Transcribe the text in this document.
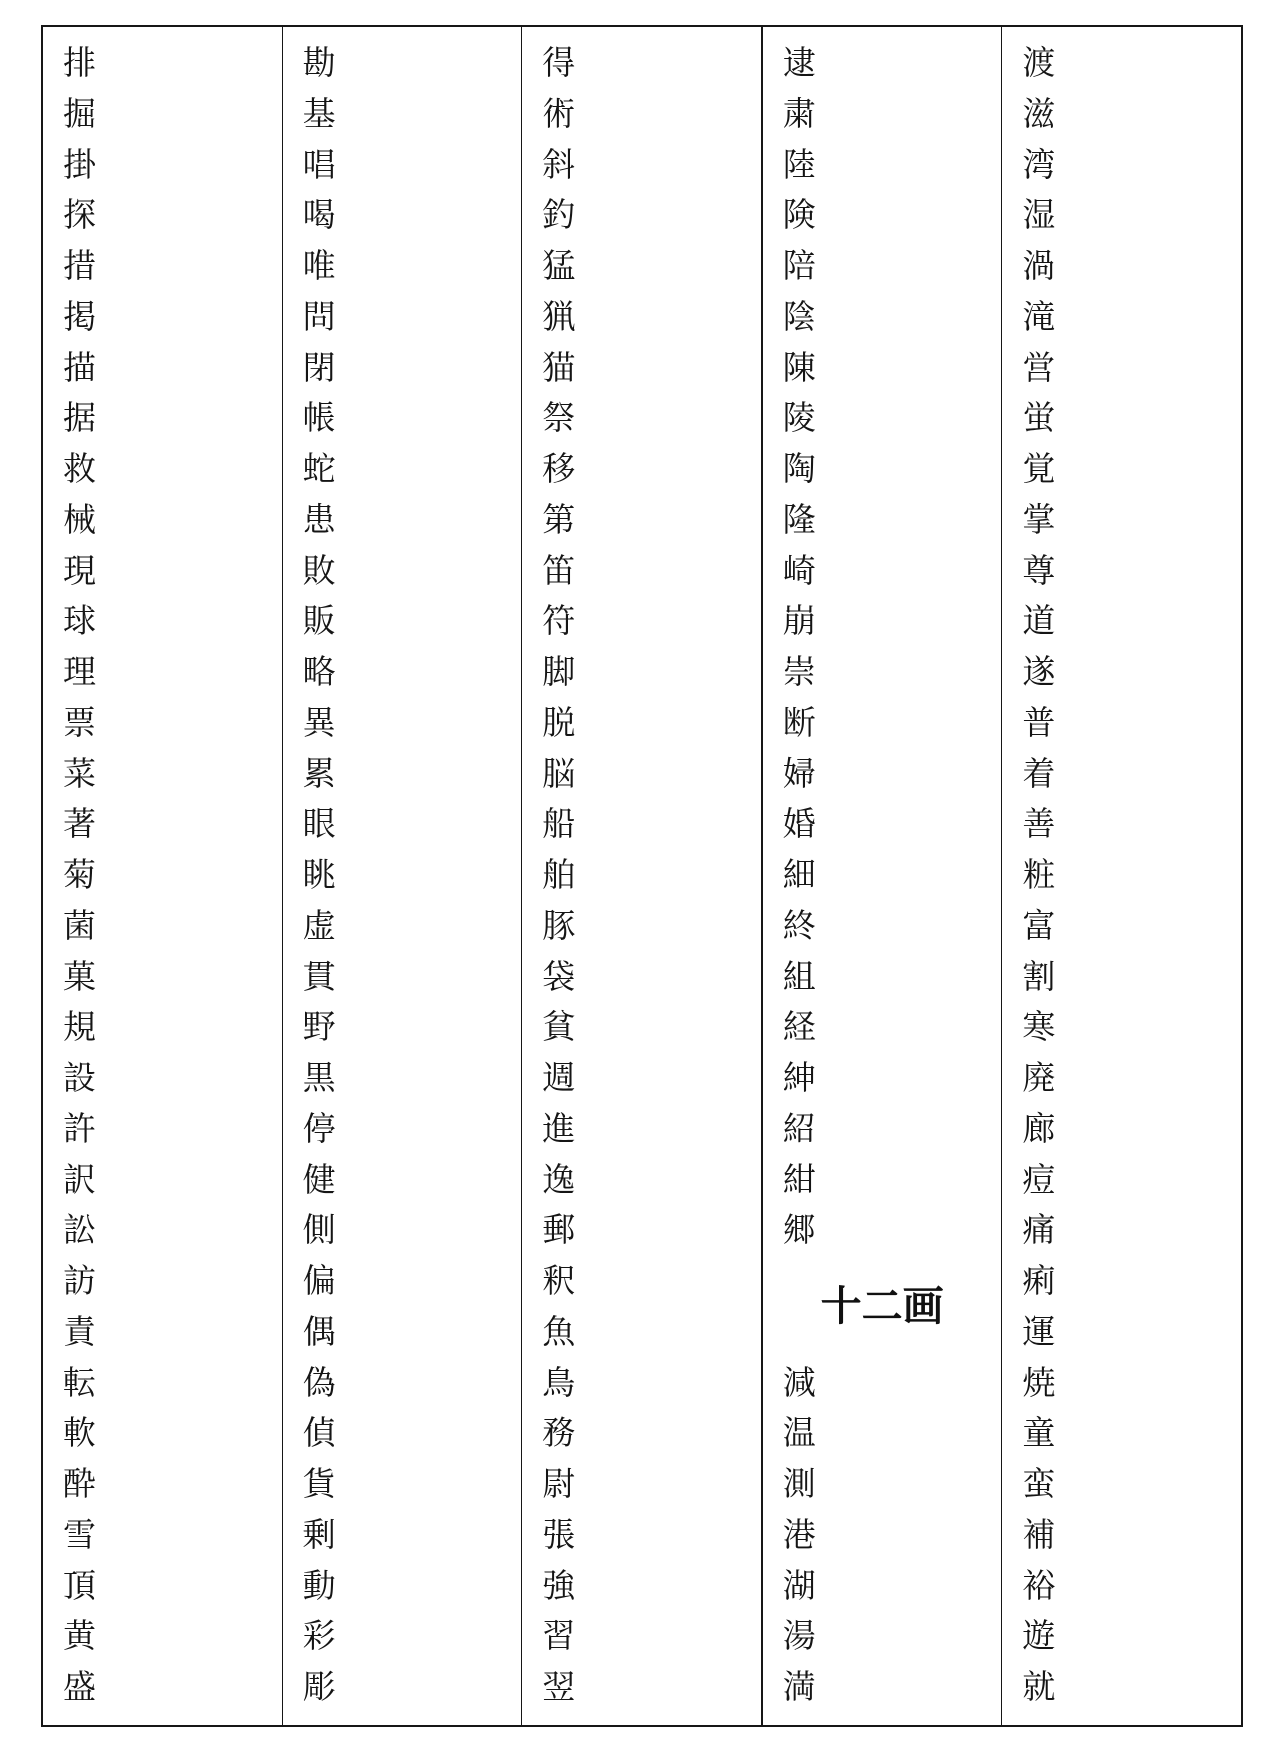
排
掘
掛
探
措
掲
描
据
救
械
現
球
理
票
菜
著
菊
菌
菓
規
設
許
訳
訟
訪
責
転
軟
酔
雪
頂
黄
盛
勘
基
唱
喝
唯
問
閉
帳
蛇
患
敗
販
略
異
累
眼
眺
虚
貫
野
黒
停
健
側
偏
偶
偽
偵
貨
剰
動
彩
彫
得
術
斜
釣
猛
猟
猫
祭
移
第
笛
符
脚
脱
脳
船
舶
豚
袋
貧
週
進
逸
郵
釈
魚
鳥
務
尉
張
強
習
翌
逮
粛
陸
険
陪
陰
陳
陵
陶
隆
崎
崩
崇
断
婦
婚
細
終
組
経
紳
紹
紺
郷
十二画
減
温
測
港
湖
湯
満
渡
滋
湾
湿
渦
滝
営
蛍
覚
掌
尊
道
遂
普
着
善
粧
富
割
寒
廃
廊
痘
痛
痢
運
焼
童
蛮
補
裕
遊
就
